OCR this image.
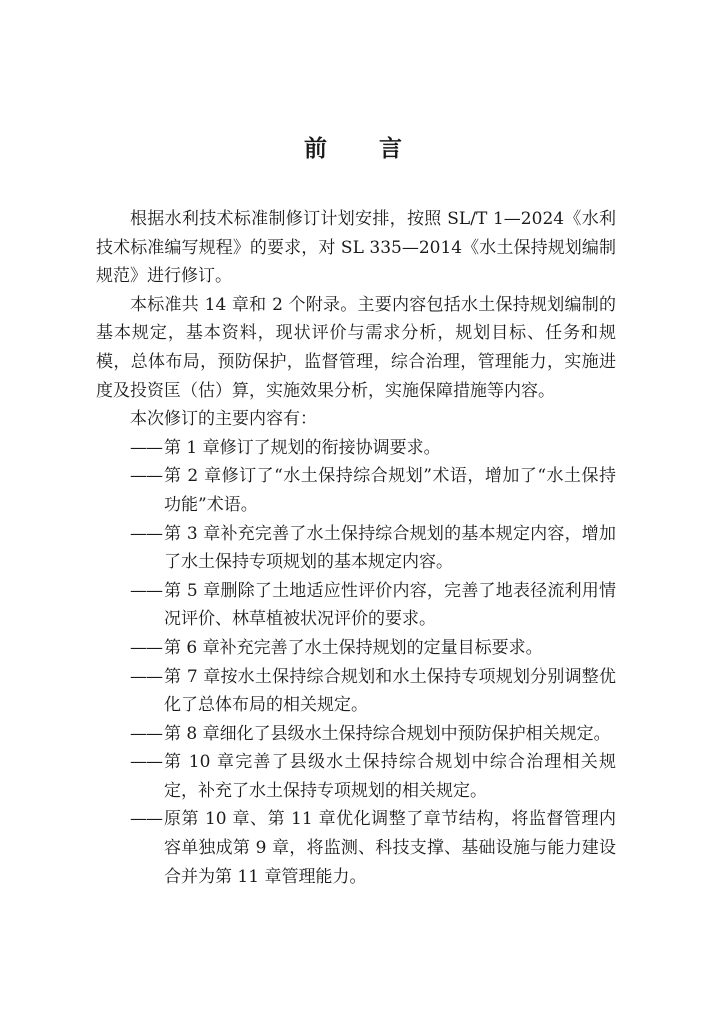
前 言

根据水利技术标准制修订计划安排，按照 SL/T 1—2024《水利技术标准编写规程》的要求，对 SL 335—2014《水土保持规划编制规范》进行修订。

本标准共 14 章和 2 个附录。主要内容包括水土保持规划编制的基本规定，基本资料，现状评价与需求分析，规划目标、任务和规模，总体布局，预防保护，监督管理，综合治理，管理能力，实施进度及投资匡（估）算，实施效果分析，实施保障措施等内容。

本次修订的主要内容有：

—— 第 1 章修订了规划的衔接协调要求。
—— 第 2 章修订了“水土保持综合规划”术语，增加了“水土保持功能”术语。
—— 第 3 章补充完善了水土保持综合规划的基本规定内容，增加了水土保持专项规划的基本规定内容。
—— 第 5 章删除了土地适应性评价内容，完善了地表径流利用情况评价、林草植被状况评价的要求。
—— 第 6 章补充完善了水土保持规划的定量目标要求。
—— 第 7 章按水土保持综合规划和水土保持专项规划分别调整优化了总体布局的相关规定。
—— 第 8 章细化了县级水土保持综合规划中预防保护相关规定。
—— 第 10 章完善了县级水土保持综合规划中综合治理相关规定，补充了水土保持专项规划的相关规定。
—— 原第 10 章、第 11 章优化调整了章节结构，将监督管理内容单独成第 9 章，将监测、科技支撑、基础设施与能力建设合并为第 11 章管理能力。
